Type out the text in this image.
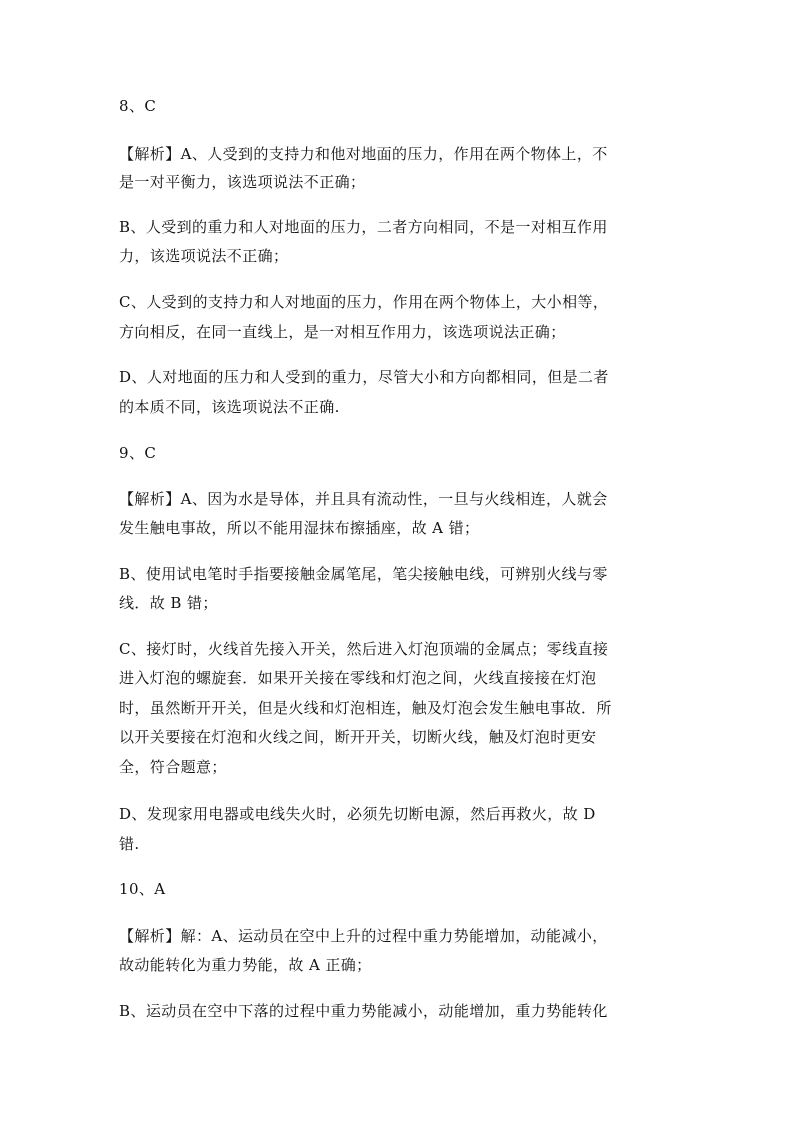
8、C
【解析】A、人受到的支持力和他对地面的压力，作用在两个物体上，不
是一对平衡力，该选项说法不正确；
B、人受到的重力和人对地面的压力，二者方向相同，不是一对相互作用
力，该选项说法不正确；
C、人受到的支持力和人对地面的压力，作用在两个物体上，大小相等，
方向相反，在同一直线上，是一对相互作用力，该选项说法正确；
D、人对地面的压力和人受到的重力，尽管大小和方向都相同，但是二者
的本质不同，该选项说法不正确.
9、C
【解析】A、因为水是导体，并且具有流动性，一旦与火线相连，人就会
发生触电事故，所以不能用湿抹布擦插座，故 A 错；
B、使用试电笔时手指要接触金属笔尾，笔尖接触电线，可辨别火线与零
线．故 B 错；
C、接灯时，火线首先接入开关，然后进入灯泡顶端的金属点；零线直接
进入灯泡的螺旋套．如果开关接在零线和灯泡之间，火线直接接在灯泡
时，虽然断开开关，但是火线和灯泡相连，触及灯泡会发生触电事故．所
以开关要接在灯泡和火线之间，断开开关，切断火线，触及灯泡时更安
全，符合题意；
D、发现家用电器或电线失火时，必须先切断电源，然后再救火，故 D
错.
10、A
【解析】解：A、运动员在空中上升的过程中重力势能增加，动能减小，
故动能转化为重力势能，故 A 正确；
B、运动员在空中下落的过程中重力势能减小，动能增加，重力势能转化
